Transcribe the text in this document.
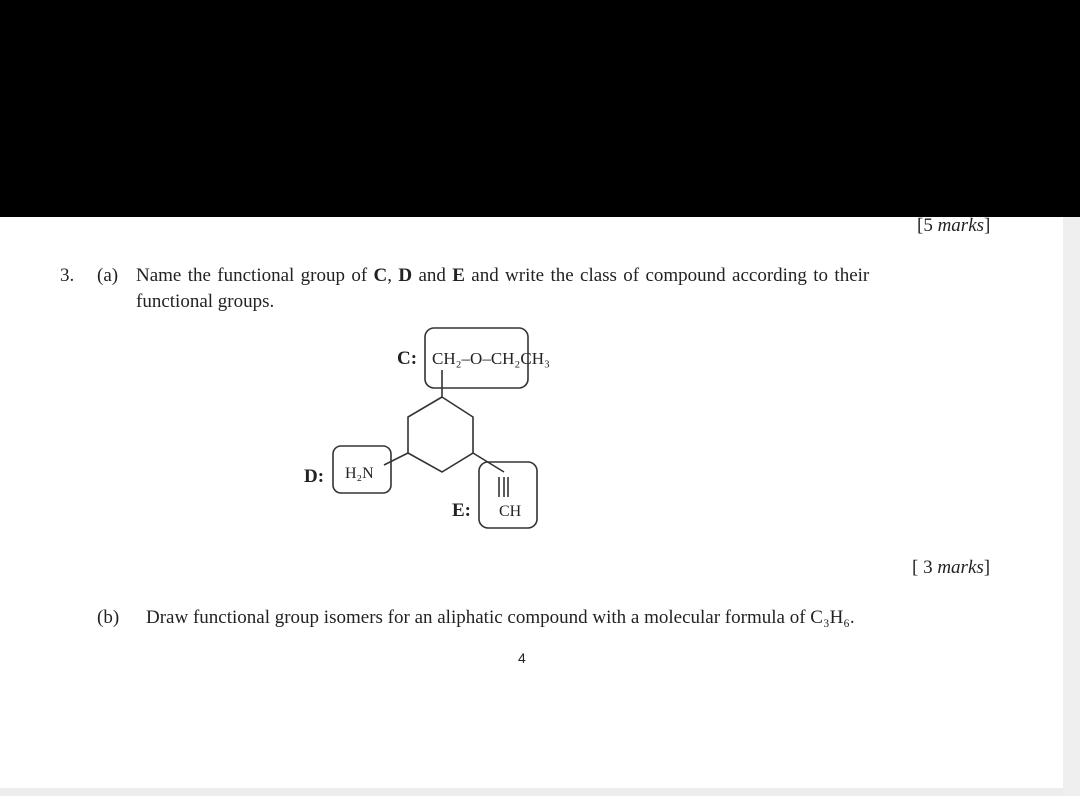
[5 marks]
3. (a) Name the functional group of C, D and E and write the class of compound according to their
functional groups.
C: CH₂–O–CH₂CH₃
D: H₂N
E: CH
[ 3 marks]
(b) Draw functional group isomers for an aliphatic compound with a molecular formula of C₃H₆.
4
